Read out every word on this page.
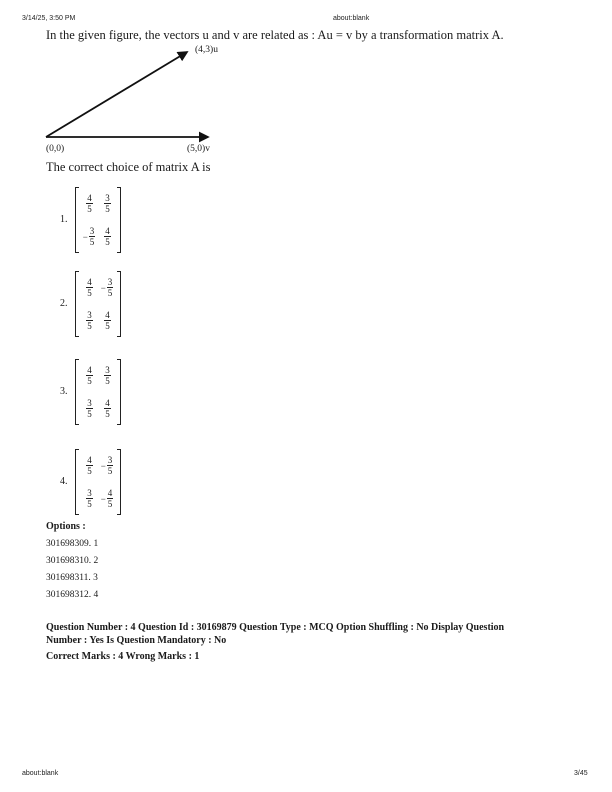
3/14/25, 3:50 PM	about:blank
In the given figure, the vectors u and v are related as : Au = v by a transformation matrix A.
(4,3)u
(0,0)	(5,0)v
The correct choice of matrix A is
1.
$\frac{4}{5} \frac{3}{5}$
− $\frac{3}{5} \frac{4}{5}$
2.
$\frac{4}{5} - \frac{3}{5}$
$\frac{3}{5} \frac{4}{5}$
3.
$\frac{4}{5} \frac{3}{5}$
$\frac{3}{5} \frac{4}{5}$
4.
$\frac{4}{5} - \frac{3}{5}$
$\frac{3}{5} - \frac{4}{5}$
Options :
301698309. 1
301698310. 2
301698311. 3
301698312. 4
Question Number : 4 Question Id : 30169879 Question Type : MCQ Option Shuffling : No Display Question
Number : Yes Is Question Mandatory : No
Correct Marks : 4 Wrong Marks : 1
about:blank	3/45
